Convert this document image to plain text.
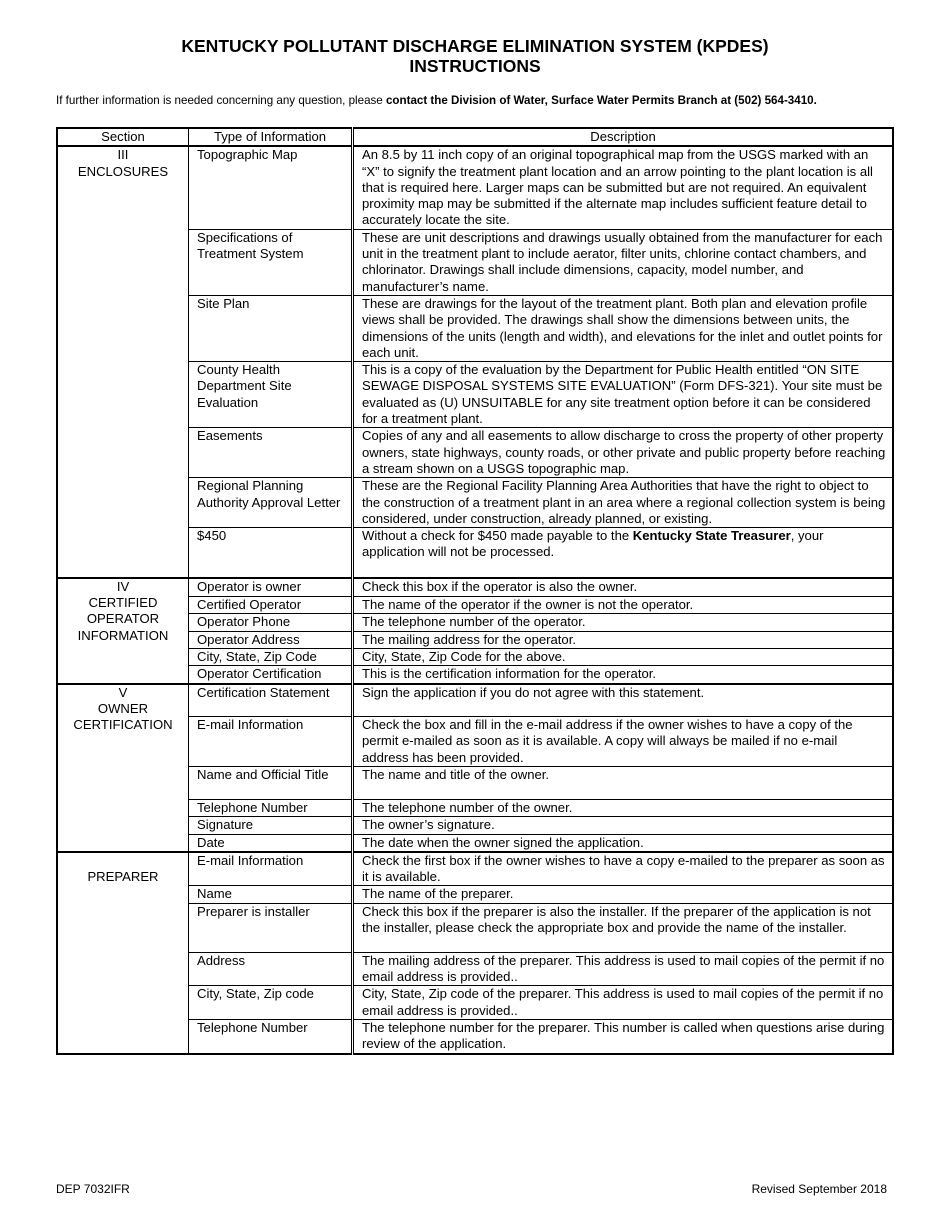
KENTUCKY POLLUTANT DISCHARGE ELIMINATION SYSTEM (KPDES)
INSTRUCTIONS
If further information is needed concerning any question, please contact the Division of Water, Surface Water Permits Branch at (502) 564-3410.
Section	Type of Information	Description

III
ENCLOSURES	Topographic Map	An 8.5 by 11 inch copy of an original topographical map from the USGS marked with an “X” to signify the treatment plant location and an arrow pointing to the plant location is all that is required here. Larger maps can be submitted but are not required. An equivalent proximity map may be submitted if the alternate map includes sufficient feature detail to accurately locate the site.
	Specifications of Treatment System	These are unit descriptions and drawings usually obtained from the manufacturer for each unit in the treatment plant to include aerator, filter units, chlorine contact chambers, and chlorinator. Drawings shall include dimensions, capacity, model number, and manufacturer’s name.
	Site Plan	These are drawings for the layout of the treatment plant. Both plan and elevation profile views shall be provided. The drawings shall show the dimensions between units, the dimensions of the units (length and width), and elevations for the inlet and outlet points for each unit.
	County Health Department Site Evaluation	This is a copy of the evaluation by the Department for Public Health entitled “ON SITE SEWAGE DISPOSAL SYSTEMS SITE EVALUATION” (Form DFS-321). Your site must be evaluated as (U) UNSUITABLE for any site treatment option before it can be considered for a treatment plant.
	Easements	Copies of any and all easements to allow discharge to cross the property of other property owners, state highways, county roads, or other private and public property before reaching a stream shown on a USGS topographic map.
	Regional Planning Authority Approval Letter	These are the Regional Facility Planning Area Authorities that have the right to object to the construction of a treatment plant in an area where a regional collection system is being considered, under construction, already planned, or existing.
	$450	Without a check for $450 made payable to the Kentucky State Treasurer, your application will not be processed.

IV
CERTIFIED
OPERATOR
INFORMATION	Operator is owner	Check this box if the operator is also the owner.
	Certified Operator	The name of the operator if the owner is not the operator.
	Operator Phone	The telephone number of the operator.
	Operator Address	The mailing address for the operator.
	City, State, Zip Code	City, State, Zip Code for the above.
	Operator Certification	This is the certification information for the operator.

V
OWNER
CERTIFICATION	Certification Statement	Sign the application if you do not agree with this statement.
	E-mail Information	Check the box and fill in the e-mail address if the owner wishes to have a copy of the permit e-mailed as soon as it is available. A copy will always be mailed if no e-mail address has been provided.
	Name and Official Title	The name and title of the owner.
	Telephone Number	The telephone number of the owner.
	Signature	The owner’s signature.
	Date	The date when the owner signed the application.

PREPARER	E-mail Information	Check the first box if the owner wishes to have a copy e-mailed to the preparer as soon as it is available.
	Name	The name of the preparer.
	Preparer is installer	Check this box if the preparer is also the installer. If the preparer of the application is not the installer, please check the appropriate box and provide the name of the installer.
	Address	The mailing address of the preparer. This address is used to mail copies of the permit if no email address is provided..
	City, State, Zip code	City, State, Zip code of the preparer. This address is used to mail copies of the permit if no email address is provided..
	Telephone Number	The telephone number for the preparer. This number is called when questions arise during review of the application.
DEP 7032IFR	Revised September 2018
